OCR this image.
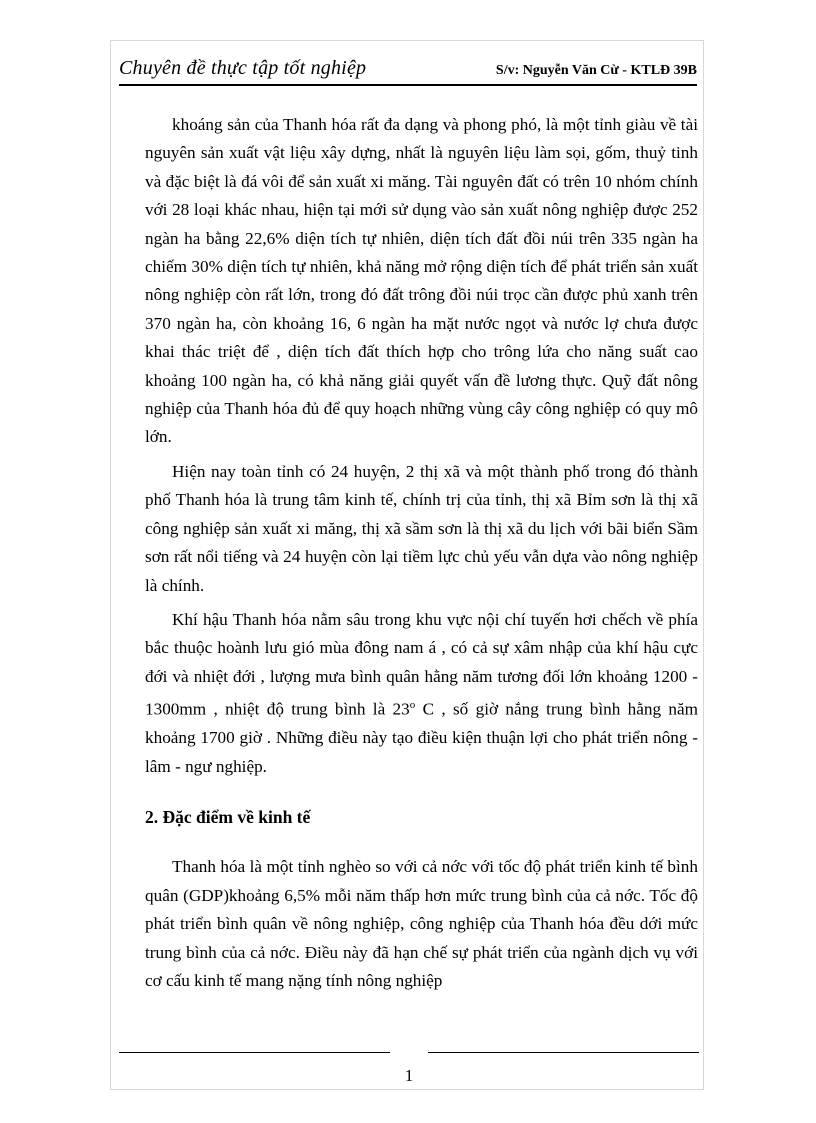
Chuyên đề thực tập tốt nghiệp	S/v: Nguyễn Văn Cừ - KTLĐ 39B

khoáng sản của Thanh hóa rất đa dạng và phong phó, là một tỉnh giàu về tài nguyên sản xuất vật liệu xây dựng, nhất là nguyên liệu làm sọi, gốm, thuỷ tinh và đặc biệt là đá vôi để sản xuất xi măng. Tài nguyên đất có trên 10 nhóm chính với 28 loại khác nhau, hiện tại mới sử dụng vào sản xuất nông nghiệp được 252 ngàn ha bằng 22,6% diện tích tự nhiên, diện tích đất đồi núi trên 335 ngàn ha chiếm 30% diện tích tự nhiên, khả năng mở rộng diện tích để phát triển sản xuất nông nghiệp còn rất lớn, trong đó đất trông đồi núi trọc cần được phủ xanh trên 370 ngàn ha, còn khoảng 16, 6 ngàn ha mặt nước ngọt và nước lợ chưa được khai thác triệt để , diện tích đất thích hợp cho trông lứa cho năng suất cao khoảng 100 ngàn ha, có khả năng giải quyết vấn đề lương thực. Quỹ đất nông nghiệp của Thanh hóa đủ để quy hoạch những vùng cây công nghiệp có quy mô lớn.

Hiện nay toàn tỉnh có 24 huyện, 2 thị xã và một thành phố trong đó thành phố Thanh hóa là trung tâm kinh tế, chính trị của tỉnh, thị xã Bỉm sơn là thị xã công nghiệp sản xuất xi măng, thị xã sầm sơn là thị xã du lịch với bãi biển Sầm sơn rất nổi tiếng và 24 huyện còn lại tiềm lực chủ yếu vẫn dựa vào nông nghiệp là chính.

Khí hậu Thanh hóa nằm sâu trong khu vực nội chí tuyến hơi chếch về phía bắc thuộc hoành lưu gió mùa đông nam á , có cả sự xâm nhập của khí hậu cực đới và nhiệt đới , lượng mưa bình quân hằng năm tương đối lớn khoảng 1200 - 1300mm , nhiệt độ trung bình là 23$^o$ C , số giờ nắng trung bình hằng năm khoảng 1700 giờ . Những điều này tạo điều kiện thuận lợi cho phát triển nông - lâm - ngư nghiệp.

2. Đặc điểm về kinh tế

Thanh hóa là một tỉnh nghèo so với cả nớc với tốc độ phát triển kinh tế bình quân (GDP)khoảng 6,5% mỗi năm thấp hơn mức trung bình của cả nớc. Tốc độ phát triển bình quân về nông nghiệp, công nghiệp của Thanh hóa đều dới mức trung bình của cả nớc. Điều này đã hạn chế sự phát triển của ngành dịch vụ với cơ cấu kinh tế mang nặng tính nông nghiệp

1
